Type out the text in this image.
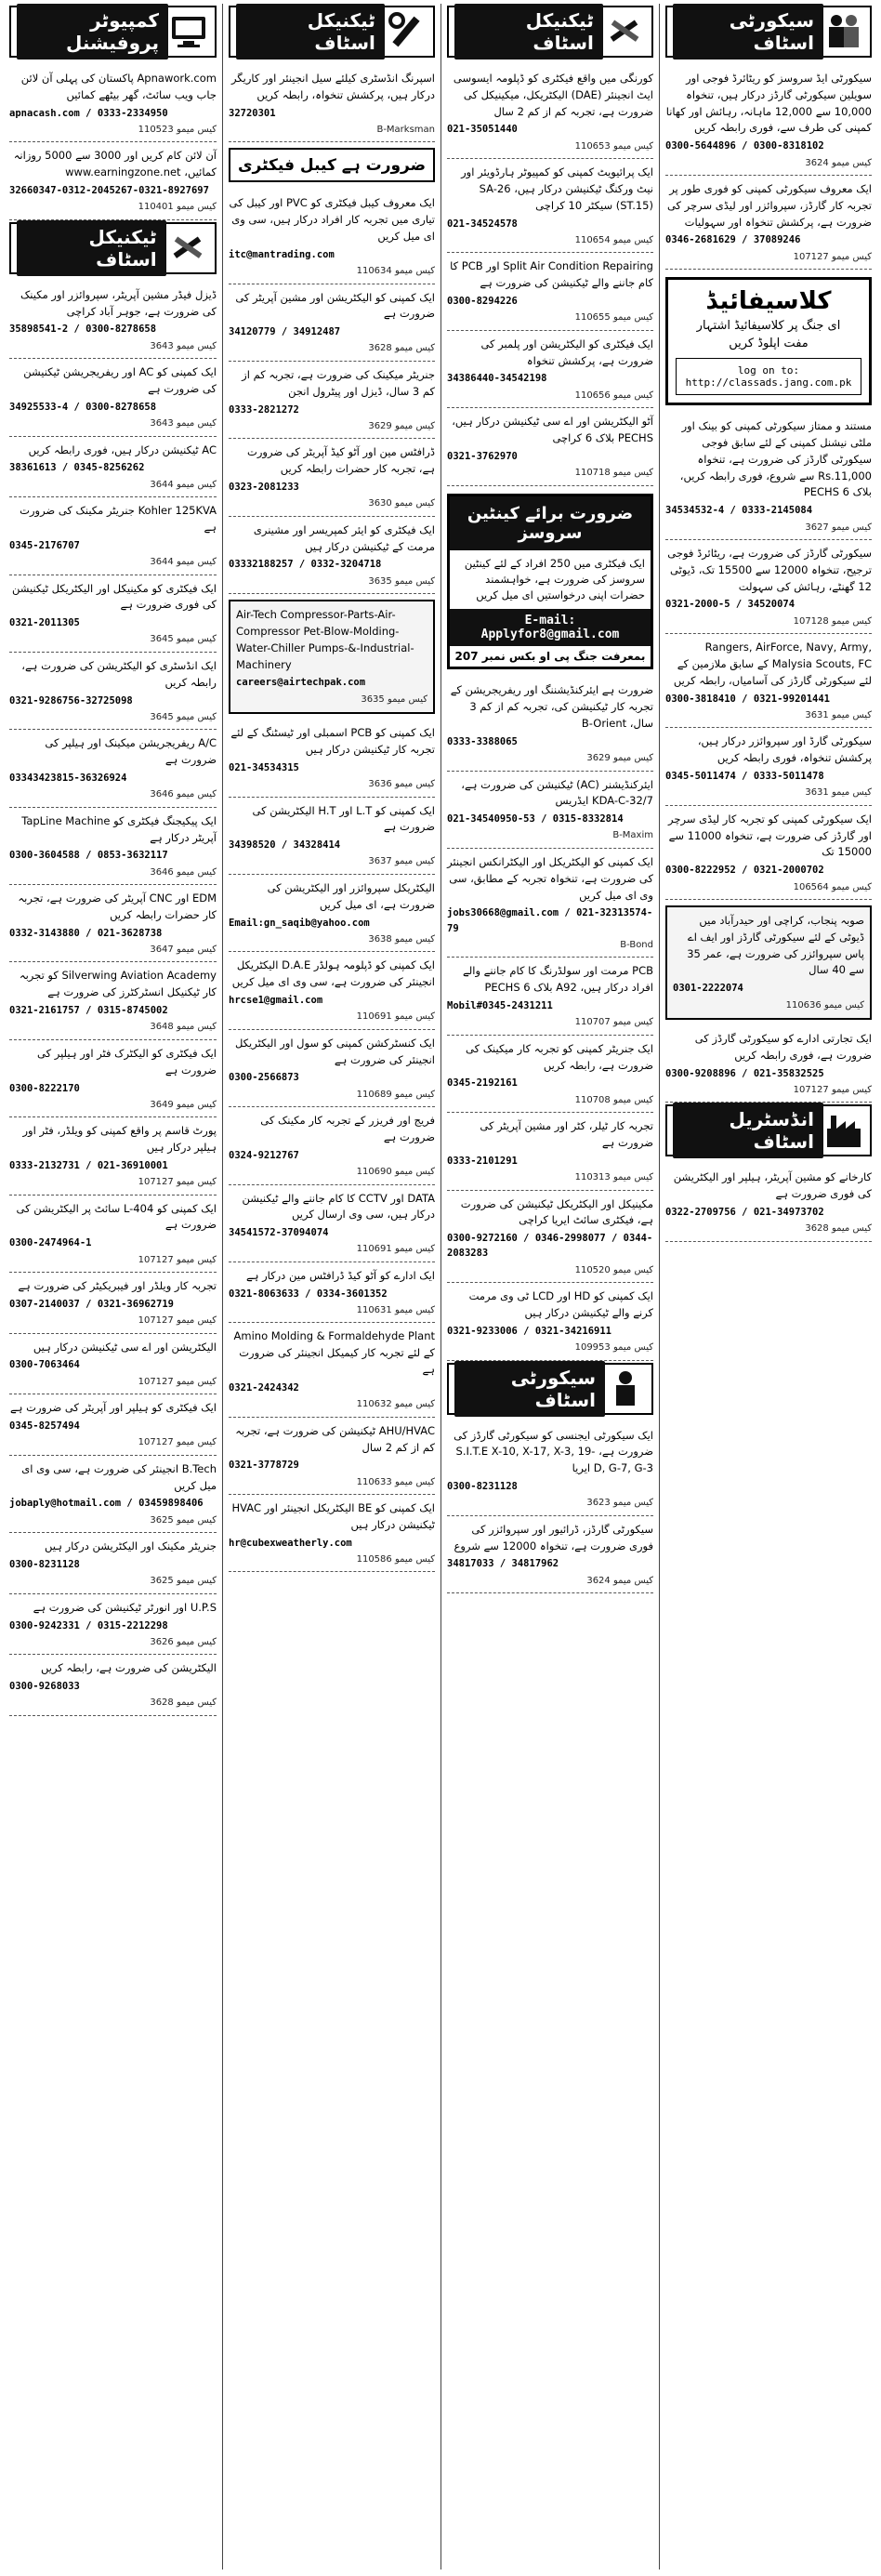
سیکورٹی اسٹاف
سیکورٹی ایڈ سروسز کو ریٹائرڈ فوجی اور سویلین سیکورٹی گارڈز درکار ہیں، تنخواہ 10,000 سے 12,000 ماہانہ، رہائش اور کھانا کمپنی کی طرف سے، فوری رابطہ کریں
0300-5644896 / 0300-8318102
کیس میمو 3624
ایک معروف سیکورٹی کمپنی کو فوری طور پر تجربہ کار گارڈز، سپروائزر اور لیڈی سرچر کی ضرورت ہے، پرکشش تنخواہ اور سہولیات
0346-2681629 / 37089246
کیس میمو 107127
کلاسیفائیڈ
ای جنگ پر کلاسیفائیڈ اشتہار
مفت اپلوڈ کریں
log on to: http://classads.jang.com.pk
مستند و ممتاز سیکورٹی کمپنی کو بینک اور ملٹی نیشنل کمپنی کے لئے سابق فوجی سیکورٹی گارڈز کی ضرورت ہے، تنخواہ Rs.11,000 سے شروع، فوری رابطہ کریں، بلاک 6 PECHS
34534532-4 / 0333-2145084
کیس میمو 3627
سیکورٹی گارڈز کی ضرورت ہے، ریٹائرڈ فوجی ترجیح، تنخواہ 12000 سے 15500 تک، ڈیوٹی 12 گھنٹے، رہائش کی سہولت
0321-2000-5 / 34520074
کیس میمو 107128
Rangers, AirForce, Navy, Army, Malysia Scouts, FC کے سابق ملازمین کے لئے سیکورٹی گارڈز کی آسامیاں، رابطہ کریں
0300-3818410 / 0321-99201441
کیس میمو 3631
سیکورٹی گارڈ اور سپروائزر درکار ہیں، پرکشش تنخواہ، فوری رابطہ کریں
0345-5011474 / 0333-5011478
کیس میمو 3631
ایک سیکورٹی کمپنی کو تجربہ کار لیڈی سرچر اور گارڈز کی ضرورت ہے، تنخواہ 11000 سے 15000 تک
0300-8222952 / 0321-2000702
کیس میمو 106564
صوبہ پنجاب، کراچی اور حیدرآباد میں ڈیوٹی کے لئے سیکورٹی گارڈز اور ایف اے پاس سپروائزر کی ضرورت ہے، عمر 35 سے 40 سال
0301-2222074
کیس میمو 110636
ایک تجارتی ادارے کو سیکورٹی گارڈز کی ضرورت ہے، فوری رابطہ کریں
0300-9208896 / 021-35832525
کیس میمو 107127
انڈسٹریل اسٹاف
کارخانے کو مشین آپریٹر، ہیلپر اور الیکٹریشن کی فوری ضرورت ہے
0322-2709756 / 021-34973702
کیس میمو 3628
ٹیکنیکل اسٹاف
کورنگی میں واقع فیکٹری کو ڈپلومہ ایسوسی ایٹ انجینئر (DAE) الیکٹریکل، میکینیکل کی ضرورت ہے، تجربہ کم از کم 2 سال
021-35051440
کیس میمو 110653
ایک پرائیویٹ کمپنی کو کمپیوٹر ہارڈویئر اور نیٹ ورکنگ ٹیکنیشن درکار ہیں، SA-26 (ST.15) سیکٹر 10 کراچی
021-34524578
کیس میمو 110654
Split Air Condition Repairing اور PCB کا کام جاننے والے ٹیکنیشن کی ضرورت ہے
0300-8294226
کیس میمو 110655
ایک فیکٹری کو الیکٹریشن اور پلمبر کی ضرورت ہے، پرکشش تنخواہ
34386440-34542198
کیس میمو 110656
آٹو الیکٹریشن اور اے سی ٹیکنیشن درکار ہیں، PECHS بلاک 6 کراچی
0321-3762970
کیس میمو 110718
ضرورت برائے کینٹین سروسز
ایک فیکٹری میں 250 افراد کے لئے کینٹین سروسز کی ضرورت ہے، خواہشمند حضرات اپنی درخواستیں ای میل کریں
E-mail: Applyfor8@gmail.com
بمعرفت جنگ پی او بکس نمبر 207
ضرورت ہے ایئرکنڈیشننگ اور ریفریجریشن کے تجربہ کار ٹیکنیشن کی، تجربہ کم از کم 3 سال، B-Orient
0333-3388065
کیس میمو 3629
ایئرکنڈیشنر (AC) ٹیکنیشن کی ضرورت ہے، KDA-C-32/7 ایڈریس
021-34540950-53 / 0315-8332814
B-Maxim
ایک کمپنی کو الیکٹریکل اور الیکٹرانکس انجینئر کی ضرورت ہے، تنخواہ تجربہ کے مطابق، سی وی ای میل کریں
jobs30668@gmail.com / 021-32313574-79
B-Bond
PCB مرمت اور سولڈرنگ کا کام جاننے والے افراد درکار ہیں، A92 بلاک 6 PECHS
Mobil#0345-2431211
کیس میمو 110707
ایک جنریٹر کمپنی کو تجربہ کار میکینک کی ضرورت ہے، رابطہ کریں
0345-2192161
کیس میمو 110708
تجربہ کار ٹیلر، کٹر اور مشین آپریٹر کی ضرورت ہے
0333-2101291
کیس میمو 110313
مکینیکل اور الیکٹریکل ٹیکنیشن کی ضرورت ہے، فیکٹری سائٹ ایریا کراچی
0300-9272160 / 0346-2998077 / 0344-2083283
کیس میمو 110520
ایک کمپنی کو HD اور LCD ٹی وی مرمت کرنے والے ٹیکنیشن درکار ہیں
0321-9233006 / 0321-34216911
کیس میمو 109953
سیکورٹی اسٹاف
ایک سیکورٹی ایجنسی کو سیکورٹی گارڈز کی ضرورت ہے، S.I.T.E X-10, X-17, X-3, 19-D, G-7, G-3 ایریا
0300-8231128
کیس میمو 3623
سیکورٹی گارڈز، ڈرائیور اور سپروائزر کی فوری ضرورت ہے، تنخواہ 12000 سے شروع
34817033 / 34817962
کیس میمو 3624
ٹیکنیکل اسٹاف
اسپرنگ انڈسٹری کیلئے سیل انجینئر اور کاریگر درکار ہیں، پرکشش تنخواہ، رابطہ کریں
32720301
B-Marksman
ضرورت ہے کیبل فیکٹری
ایک معروف کیبل فیکٹری کو PVC اور کیبل کی تیاری میں تجربہ کار افراد درکار ہیں، سی وی ای میل کریں
itc@mantrading.com
کیس میمو 110634
ایک کمپنی کو الیکٹریشن اور مشین آپریٹر کی ضرورت ہے
34120779 / 34912487
کیس میمو 3628
جنریٹر میکینک کی ضرورت ہے، تجربہ کم از کم 3 سال، ڈیزل اور پیٹرول انجن
0333-2821272
کیس میمو 3629
ڈرافٹس مین اور آٹو کیڈ آپریٹر کی ضرورت ہے، تجربہ کار حضرات رابطہ کریں
0323-2081233
کیس میمو 3630
ایک فیکٹری کو ایئر کمپریسر اور مشینری مرمت کے ٹیکنیشن درکار ہیں
03332188257 / 0332-3204718
کیس میمو 3635
Air-Tech Compressor-Parts-Air-Compressor Pet-Blow-Molding-Water-Chiller Pumps-&-Industrial-Machinery
careers@airtechpak.com
کیس میمو 3635
ایک کمپنی کو PCB اسمبلی اور ٹیسٹنگ کے لئے تجربہ کار ٹیکنیشن درکار ہیں
021-34534315
کیس میمو 3636
ایک کمپنی کو L.T اور H.T الیکٹریشن کی ضرورت ہے
34398520 / 34328414
کیس میمو 3637
الیکٹریکل سپروائزر اور الیکٹریشن کی ضرورت ہے، ای میل کریں
Email:gn_saqib@yahoo.com
کیس میمو 3638
ایک کمپنی کو ڈپلومہ ہولڈر D.A.E الیکٹریکل انجینئر کی ضرورت ہے، سی وی ای میل کریں
hrcse1@gmail.com
کیس میمو 110691
ایک کنسٹرکشن کمپنی کو سول اور الیکٹریکل انجینئر کی ضرورت ہے
0300-2566873
کیس میمو 110689
فریج اور فریزر کے تجربہ کار مکینک کی ضرورت ہے
0324-9212767
کیس میمو 110690
DATA اور CCTV کا کام جاننے والے ٹیکنیشن درکار ہیں، سی وی ارسال کریں
34541572-37094074
کیس میمو 110691
ایک ادارے کو آٹو کیڈ ڈرافٹس مین درکار ہے
0321-8063633 / 0334-3601352
کیس میمو 110631
Amino Molding & Formaldehyde Plant کے لئے تجربہ کار کیمیکل انجینئر کی ضرورت ہے
0321-2424342
کیس میمو 110632
AHU/HVAC ٹیکنیشن کی ضرورت ہے، تجربہ کم از کم 2 سال
0321-3778729
کیس میمو 110633
ایک کمپنی کو BE الیکٹریکل انجینئر اور HVAC ٹیکنیشن درکار ہیں
hr@cubexweatherly.com
کیس میمو 110586
کمپیوٹر پروفیشنل
Apnawork.com پاکستان کی پہلی آن لائن جاب ویب سائٹ، گھر بیٹھے کمائیں
apnacash.com / 0333-2334950
کیس میمو 110523
آن لائن کام کریں اور 3000 سے 5000 روزانہ کمائیں، www.earningzone.net
32660347-0312-2045267-0321-8927697
کیس میمو 110401
ٹیکنیکل اسٹاف
ڈیزل فیڈر مشین آپریٹر، سپروائزر اور مکینک کی ضرورت ہے، جوہر آباد کراچی
35898541-2 / 0300-8278658
کیس میمو 3643
ایک کمپنی کو AC اور ریفریجریشن ٹیکنیشن کی ضرورت ہے
34925533-4 / 0300-8278658
کیس میمو 3643
AC ٹیکنیشن درکار ہیں، فوری رابطہ کریں
38361613 / 0345-8256262
کیس میمو 3644
Kohler 125KVA جنریٹر مکینک کی ضرورت ہے
0345-2176707
کیس میمو 3644
ایک فیکٹری کو مکینیکل اور الیکٹریکل ٹیکنیشن کی فوری ضرورت ہے
0321-2011305
کیس میمو 3645
ایک انڈسٹری کو الیکٹریشن کی ضرورت ہے، رابطہ کریں
0321-9286756-32725098
کیس میمو 3645
A/C ریفریجریشن میکینک اور ہیلپر کی ضرورت ہے
03343423815-36326924
کیس میمو 3646
ایک پیکیجنگ فیکٹری کو TapLine Machine آپریٹر درکار ہے
0300-3604588 / 0853-3632117
کیس میمو 3646
EDM اور CNC آپریٹر کی ضرورت ہے، تجربہ کار حضرات رابطہ کریں
0332-3143880 / 021-3628738
کیس میمو 3647
Silverwing Aviation Academy کو تجربہ کار ٹیکنیکل انسٹرکٹرز کی ضرورت ہے
0321-2161757 / 0315-8745002
کیس میمو 3648
ایک فیکٹری کو الیکٹرک فٹر اور ہیلپر کی ضرورت ہے
0300-8222170
کیس میمو 3649
پورٹ قاسم پر واقع کمپنی کو ویلڈر، فٹر اور ہیلپر درکار ہیں
0333-2132731 / 021-36910001
کیس میمو 107127
ایک کمپنی کو L-404 سائٹ پر الیکٹریشن کی ضرورت ہے
0300-2474964-1
کیس میمو 107127
تجربہ کار ویلڈر اور فیبریکیٹر کی ضرورت ہے
0307-2140037 / 0321-36962719
کیس میمو 107127
الیکٹریشن اور اے سی ٹیکنیشن درکار ہیں
0300-7063464
کیس میمو 107127
ایک فیکٹری کو ہیلپر اور آپریٹر کی ضرورت ہے
0345-8257494
کیس میمو 107127
B.Tech انجینئر کی ضرورت ہے، سی وی ای میل کریں
jobaply@hotmail.com / 03459898406
کیس میمو 3625
جنریٹر مکینک اور الیکٹریشن درکار ہیں
0300-8231128
کیس میمو 3625
U.P.S اور انورٹر ٹیکنیشن کی ضرورت ہے
0300-9242331 / 0315-2212298
کیس میمو 3626
الیکٹریشن کی ضرورت ہے، رابطہ کریں
0300-9268033
کیس میمو 3628
